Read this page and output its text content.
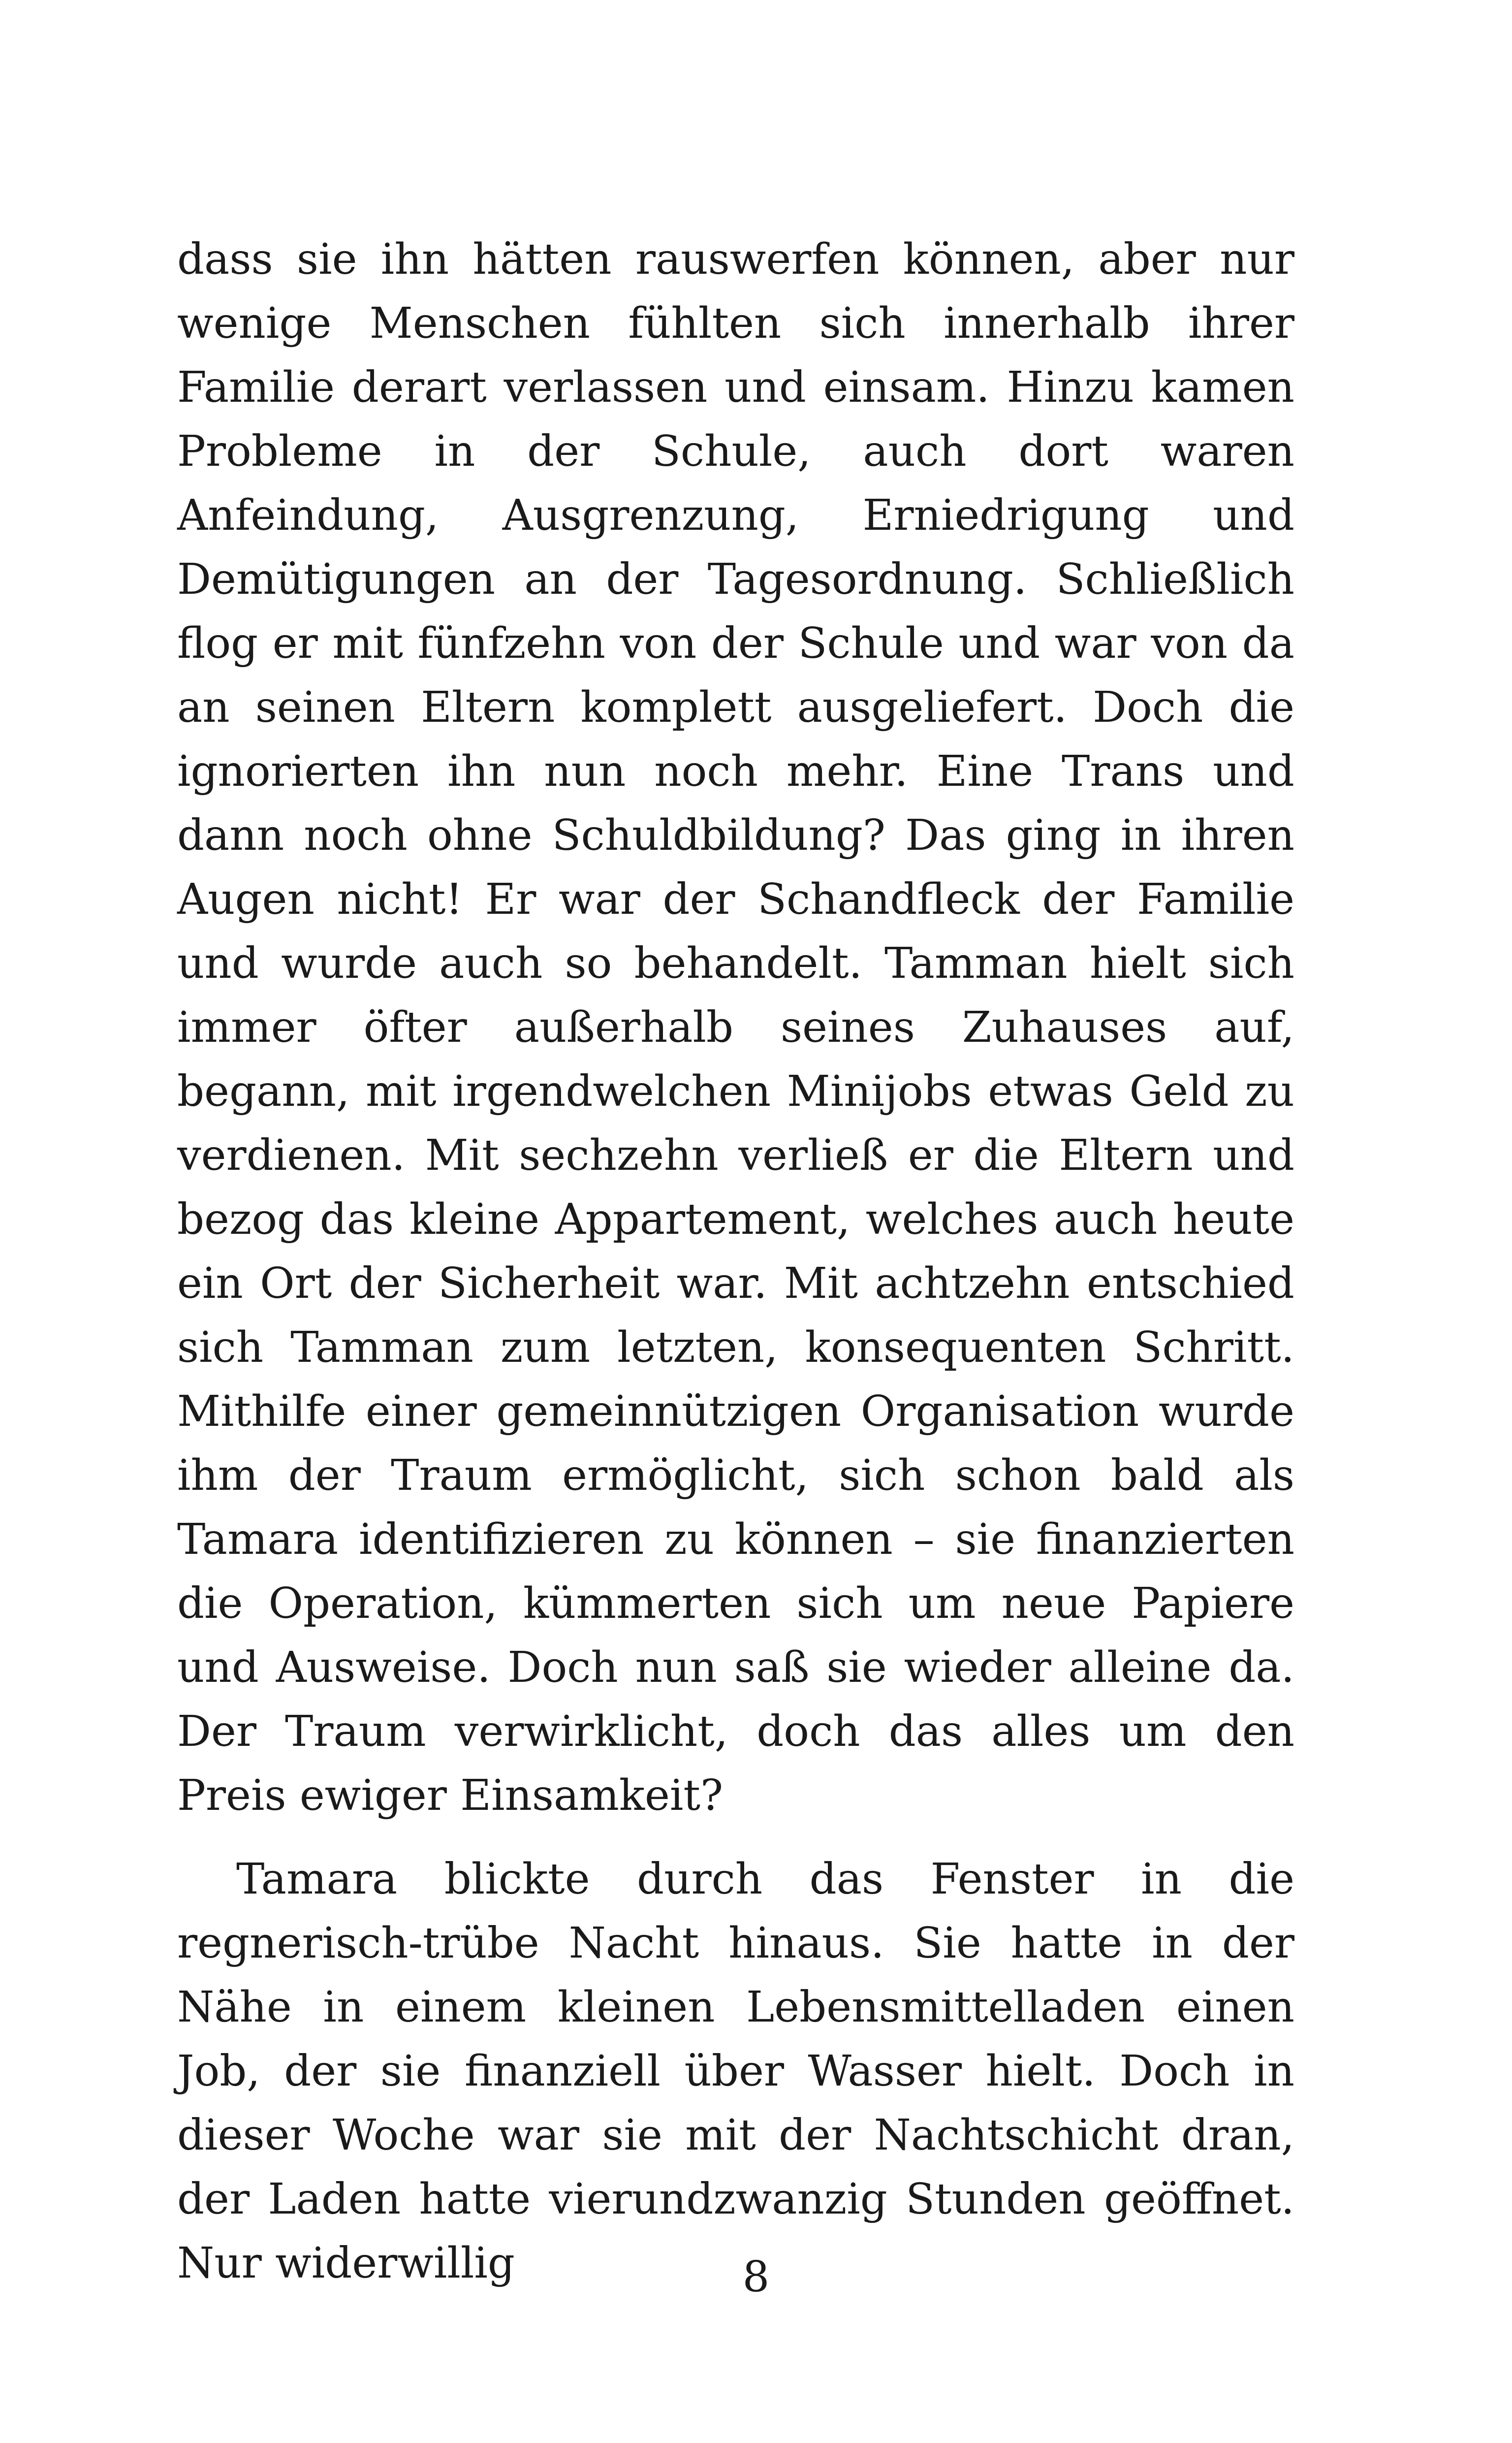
dass sie ihn hätten rauswerfen können, aber nur wenige Menschen fühlten sich innerhalb ihrer Familie derart verlassen und einsam. Hinzu kamen Probleme in der Schule, auch dort waren Anfeindung, Ausgrenzung, Erniedrigung und Demütigungen an der Tagesordnung. Schließlich flog er mit fünfzehn von der Schule und war von da an seinen Eltern komplett ausgeliefert. Doch die ignorierten ihn nun noch mehr. Eine Trans und dann noch ohne Schuldbildung? Das ging in ihren Augen nicht! Er war der Schandfleck der Familie und wurde auch so behandelt. Tamman hielt sich immer öfter außerhalb seines Zuhauses auf, begann, mit irgendwelchen Minijobs etwas Geld zu verdienen. Mit sechzehn verließ er die Eltern und bezog das kleine Appartement, welches auch heute ein Ort der Sicherheit war. Mit achtzehn entschied sich Tamman zum letzten, konsequenten Schritt. Mithilfe einer gemeinnützigen Organisation wurde ihm der Traum ermöglicht, sich schon bald als Tamara identifizieren zu können – sie finanzierten die Operation, kümmerten sich um neue Papiere und Ausweise. Doch nun saß sie wieder alleine da. Der Traum verwirklicht, doch das alles um den Preis ewiger Einsamkeit?

Tamara blickte durch das Fenster in die regnerisch-trübe Nacht hinaus. Sie hatte in der Nähe in einem kleinen Lebensmittelladen einen Job, der sie finanziell über Wasser hielt. Doch in dieser Woche war sie mit der Nachtschicht dran, der Laden hatte vierundzwanzig Stunden geöffnet. Nur widerwillig	8
